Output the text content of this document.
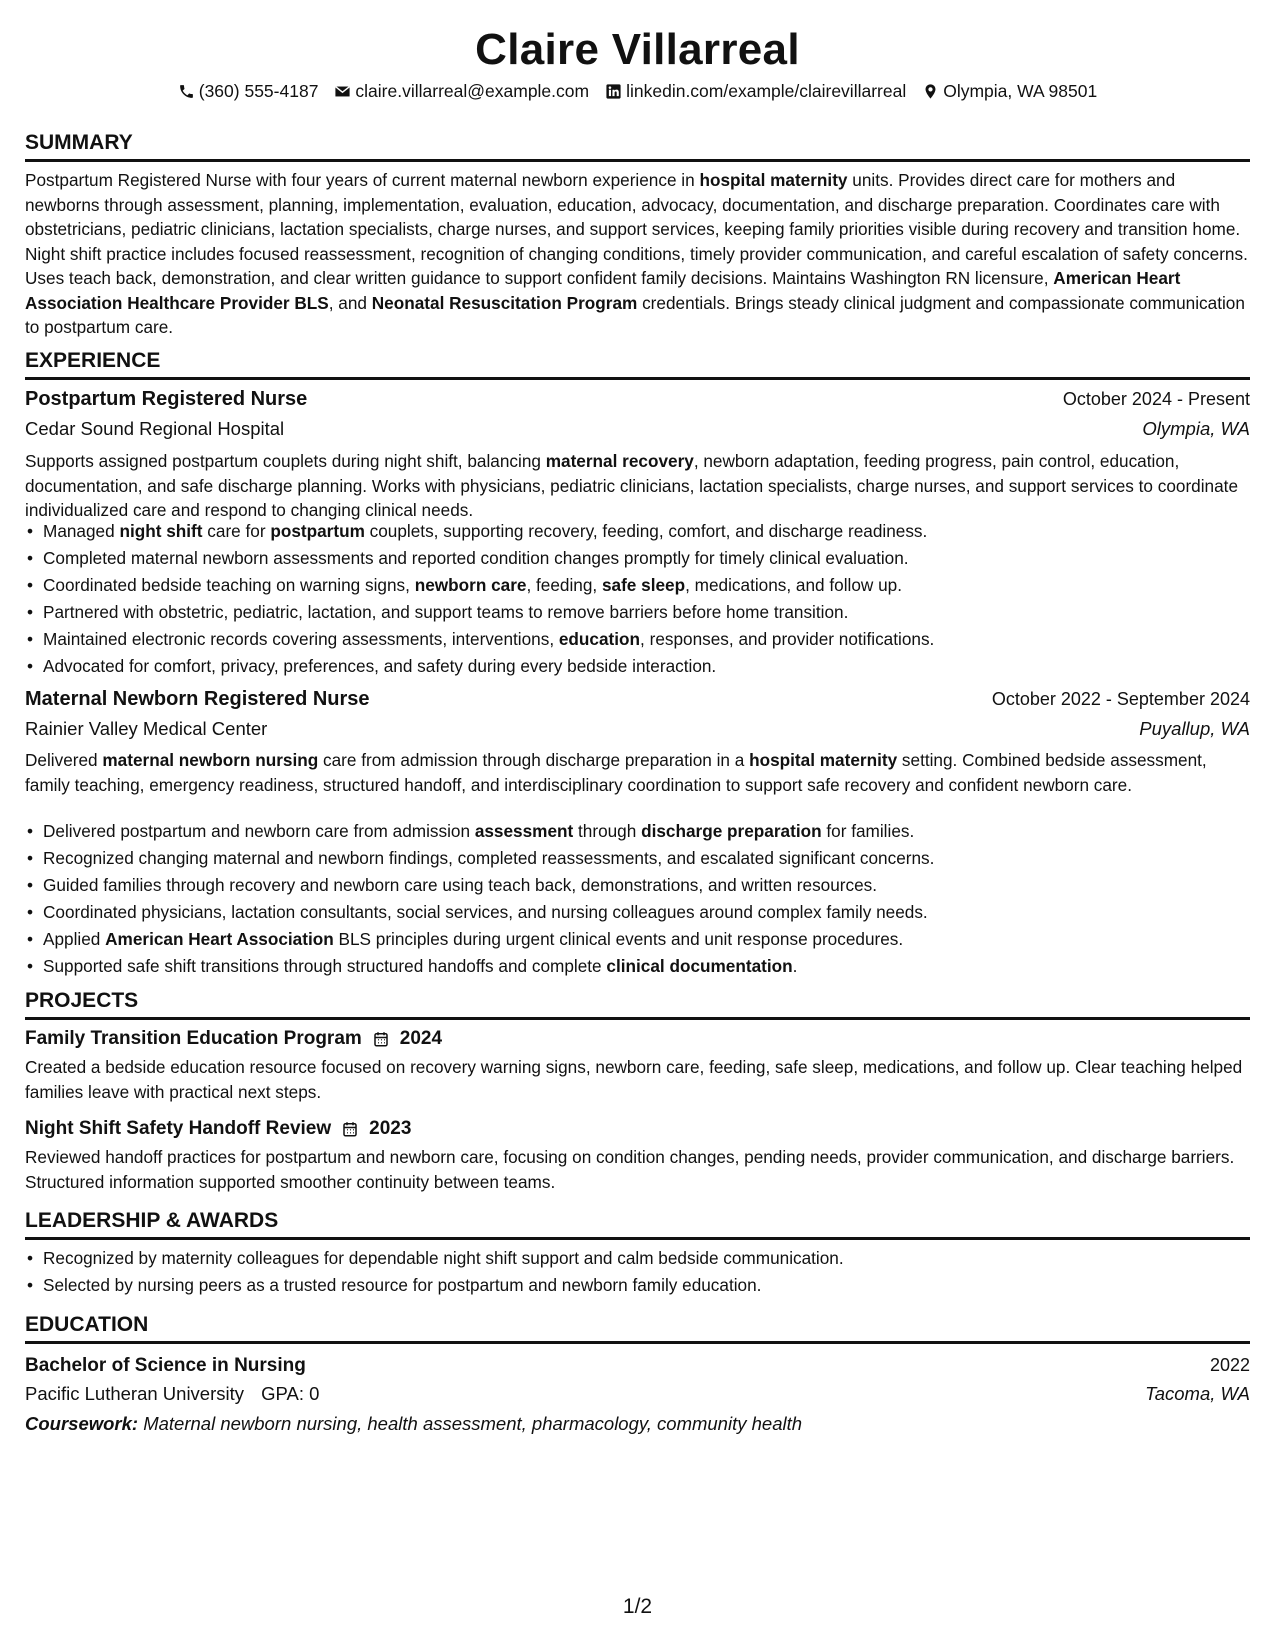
Claire Villarreal
(360) 555-4187 claire.villarreal@example.com linkedin.com/example/clairevillarreal Olympia, WA 98501
SUMMARY
Postpartum Registered Nurse with four years of current maternal newborn experience in hospital maternity units. Provides direct care for mothers and newborns through assessment, planning, implementation, evaluation, education, advocacy, documentation, and discharge preparation. Coordinates care with obstetricians, pediatric clinicians, lactation specialists, charge nurses, and support services, keeping family priorities visible during recovery and transition home. Night shift practice includes focused reassessment, recognition of changing conditions, timely provider communication, and careful escalation of safety concerns. Uses teach back, demonstration, and clear written guidance to support confident family decisions. Maintains Washington RN licensure, American Heart Association Healthcare Provider BLS, and Neonatal Resuscitation Program credentials. Brings steady clinical judgment and compassionate communication to postpartum care.
EXPERIENCE
Postpartum Registered Nurse	October 2024 - Present
Cedar Sound Regional Hospital	Olympia, WA
Supports assigned postpartum couplets during night shift, balancing maternal recovery, newborn adaptation, feeding progress, pain control, education, documentation, and safe discharge planning. Works with physicians, pediatric clinicians, lactation specialists, charge nurses, and support services to coordinate individualized care and respond to changing clinical needs.
• Managed night shift care for postpartum couplets, supporting recovery, feeding, comfort, and discharge readiness.
• Completed maternal newborn assessments and reported condition changes promptly for timely clinical evaluation.
• Coordinated bedside teaching on warning signs, newborn care, feeding, safe sleep, medications, and follow up.
• Partnered with obstetric, pediatric, lactation, and support teams to remove barriers before home transition.
• Maintained electronic records covering assessments, interventions, education, responses, and provider notifications.
• Advocated for comfort, privacy, preferences, and safety during every bedside interaction.
Maternal Newborn Registered Nurse	October 2022 - September 2024
Rainier Valley Medical Center	Puyallup, WA
Delivered maternal newborn nursing care from admission through discharge preparation in a hospital maternity setting. Combined bedside assessment, family teaching, emergency readiness, structured handoff, and interdisciplinary coordination to support safe recovery and confident newborn care.
• Delivered postpartum and newborn care from admission assessment through discharge preparation for families.
• Recognized changing maternal and newborn findings, completed reassessments, and escalated significant concerns.
• Guided families through recovery and newborn care using teach back, demonstrations, and written resources.
• Coordinated physicians, lactation consultants, social services, and nursing colleagues around complex family needs.
• Applied American Heart Association BLS principles during urgent clinical events and unit response procedures.
• Supported safe shift transitions through structured handoffs and complete clinical documentation.
PROJECTS
Family Transition Education Program 2024
Created a bedside education resource focused on recovery warning signs, newborn care, feeding, safe sleep, medications, and follow up. Clear teaching helped families leave with practical next steps.
Night Shift Safety Handoff Review 2023
Reviewed handoff practices for postpartum and newborn care, focusing on condition changes, pending needs, provider communication, and discharge barriers. Structured information supported smoother continuity between teams.
LEADERSHIP & AWARDS
• Recognized by maternity colleagues for dependable night shift support and calm bedside communication.
• Selected by nursing peers as a trusted resource for postpartum and newborn family education.
EDUCATION
Bachelor of Science in Nursing	2022
Pacific Lutheran University GPA: 0	Tacoma, WA
Coursework: Maternal newborn nursing, health assessment, pharmacology, community health
1/2
